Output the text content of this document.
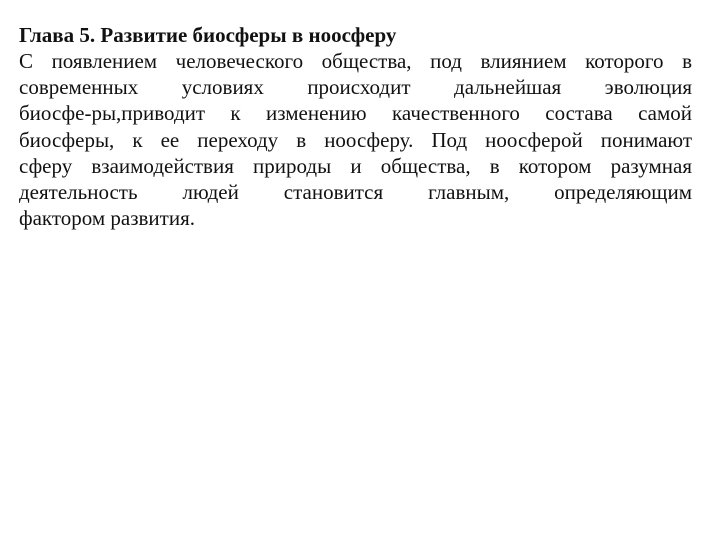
Глава 5. Развитие биосферы в ноосферу
С появлением человеческого общества, под влиянием которого в
современных условиях происходит дальнейшая эволюция
биосфе-ры,приводит к изменению качественного состава самой
биосферы, к ее переходу в ноосферу. Под ноосферой понимают
сферу взаимодействия природы и общества, в котором разумная
деятельность людей становится главным, определяющим
фактором развития.
